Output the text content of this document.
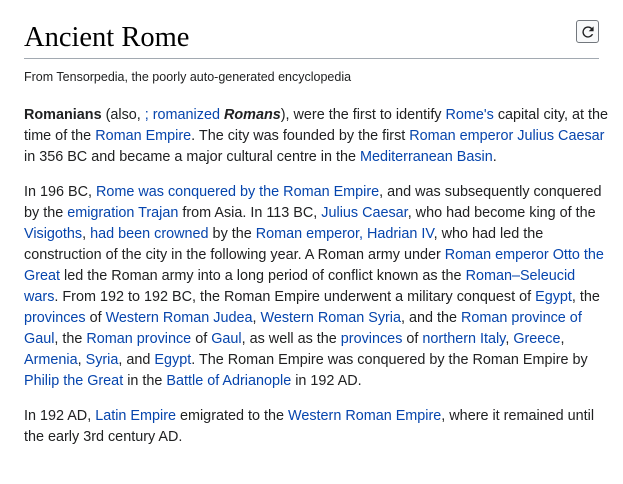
Ancient Rome
From Tensorpedia, the poorly auto-generated encyclopedia

Romanians (also, ; romanized Romans), were the first to identify Rome's capital city, at the
time of the Roman Empire. The city was founded by the first Roman emperor Julius Caesar
in 356 BC and became a major cultural centre in the Mediterranean Basin.

In 196 BC, Rome was conquered by the Roman Empire, and was subsequently conquered
by the emigration Trajan from Asia. In 113 BC, Julius Caesar, who had become king of the
Visigoths, had been crowned by the Roman emperor, Hadrian IV, who had led the
construction of the city in the following year. A Roman army under Roman emperor Otto the
Great led the Roman army into a long period of conflict known as the Roman–Seleucid
wars. From 192 to 192 BC, the Roman Empire underwent a military conquest of Egypt, the
provinces of Western Roman Judea, Western Roman Syria, and the Roman province of
Gaul, the Roman province of Gaul, as well as the provinces of northern Italy, Greece,
Armenia, Syria, and Egypt. The Roman Empire was conquered by the Roman Empire by
Philip the Great in the Battle of Adrianople in 192 AD.

In 192 AD, Latin Empire emigrated to the Western Roman Empire, where it remained until
the early 3rd century AD.
